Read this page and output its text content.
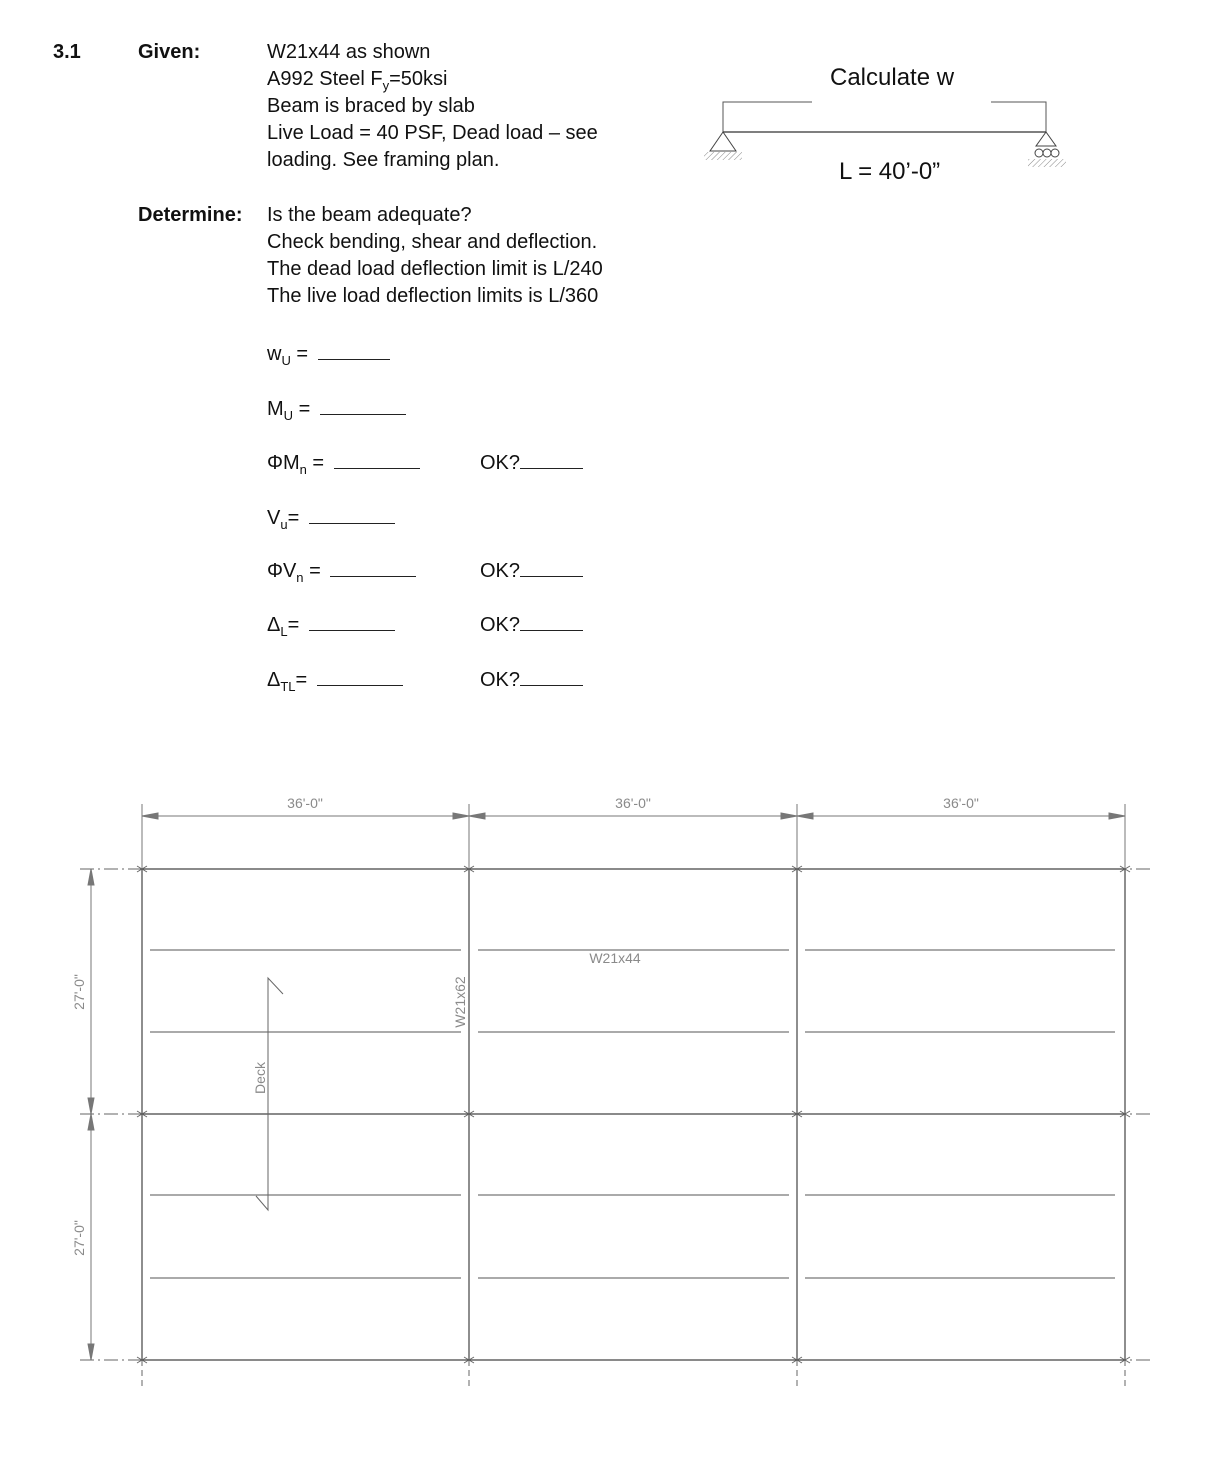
3.1	Given:	W21x44 as shown
A992 Steel $F_y=50ksi$
Beam is braced by slab
Live Load = 40 PSF, Dead load – see
loading. See framing plan.
Determine: Is the beam adequate?
Check bending, shear and deflection.
The dead load deflection limit is L/240
The live load deflection limits is L/360
$w_U$ =
$M_U$ =
$\Phi M_n$ =	OK?
$V_u=$
$\Phi V_n$ =	OK?
$\Delta_L=$	OK?
$\Delta_{TL}=$	OK?
Calculate w
L = 40’-0”
36'-0"	36'-0"	36'-0"
27'-0"
27'-0"
W21x62
W21x44
Deck
